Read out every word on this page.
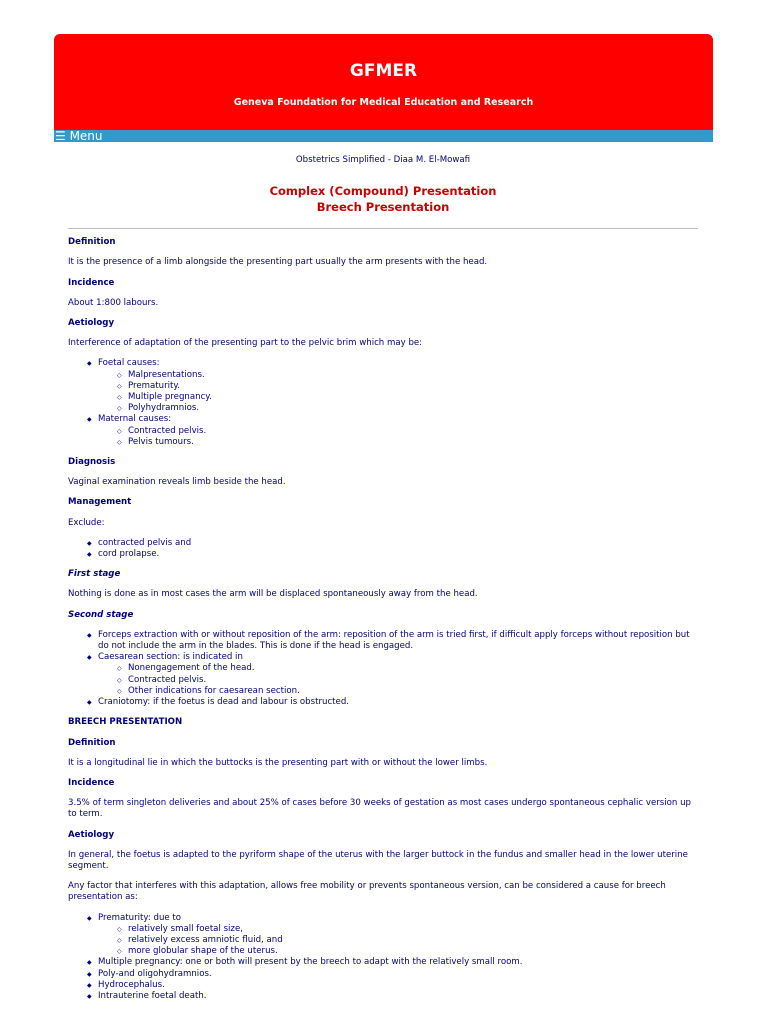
GFMER
Geneva Foundation for Medical Education and Research
☰ Menu
Obstetrics Simplified - Diaa M. El-Mowafi
Complex (Compound) Presentation
Breech Presentation
Definition

It is the presence of a limb alongside the presenting part usually the arm presents with the head.

Incidence

About 1:800 labours.

Aetiology

Interference of adaptation of the presenting part to the pelvic brim which may be:

◆ Foetal causes:
◇ Malpresentations.
◇ Prematurity.
◇ Multiple pregnancy.
◇ Polyhydramnios.
◆ Maternal causes:
◇ Contracted pelvis.
◇ Pelvis tumours.
Diagnosis

Vaginal examination reveals limb beside the head.

Management

Exclude:

◆ contracted pelvis and
◆ cord prolapse.
First stage

Nothing is done as in most cases the arm will be displaced spontaneously away from the head.

Second stage
◆ Forceps extraction with or without reposition of the arm: reposition of the arm is tried first, if difficult apply forceps without reposition but do not include the arm in the blades. This is done if the head is engaged.
◆ Caesarean section: is indicated in
◇ Nonengagement of the head.
◇ Contracted pelvis.
◇ Other indications for caesarean section.
◆ Craniotomy: if the foetus is dead and labour is obstructed.
BREECH PRESENTATION
Definition

It is a longitudinal lie in which the buttocks is the presenting part with or without the lower limbs.

Incidence

3.5% of term singleton deliveries and about 25% of cases before 30 weeks of gestation as most cases undergo spontaneous cephalic version up to term.

Aetiology

In general, the foetus is adapted to the pyriform shape of the uterus with the larger buttock in the fundus and smaller head in the lower uterine segment.

Any factor that interferes with this adaptation, allows free mobility or prevents spontaneous version, can be considered a cause for breech presentation as:

◆ Prematurity: due to
◇ relatively small foetal size,
◇ relatively excess amniotic fluid, and
◇ more globular shape of the uterus.
◆ Multiple pregnancy: one or both will present by the breech to adapt with the relatively small room.
◆ Poly-and oligohydramnios.
◆ Hydrocephalus.
◆ Intrauterine foetal death.
